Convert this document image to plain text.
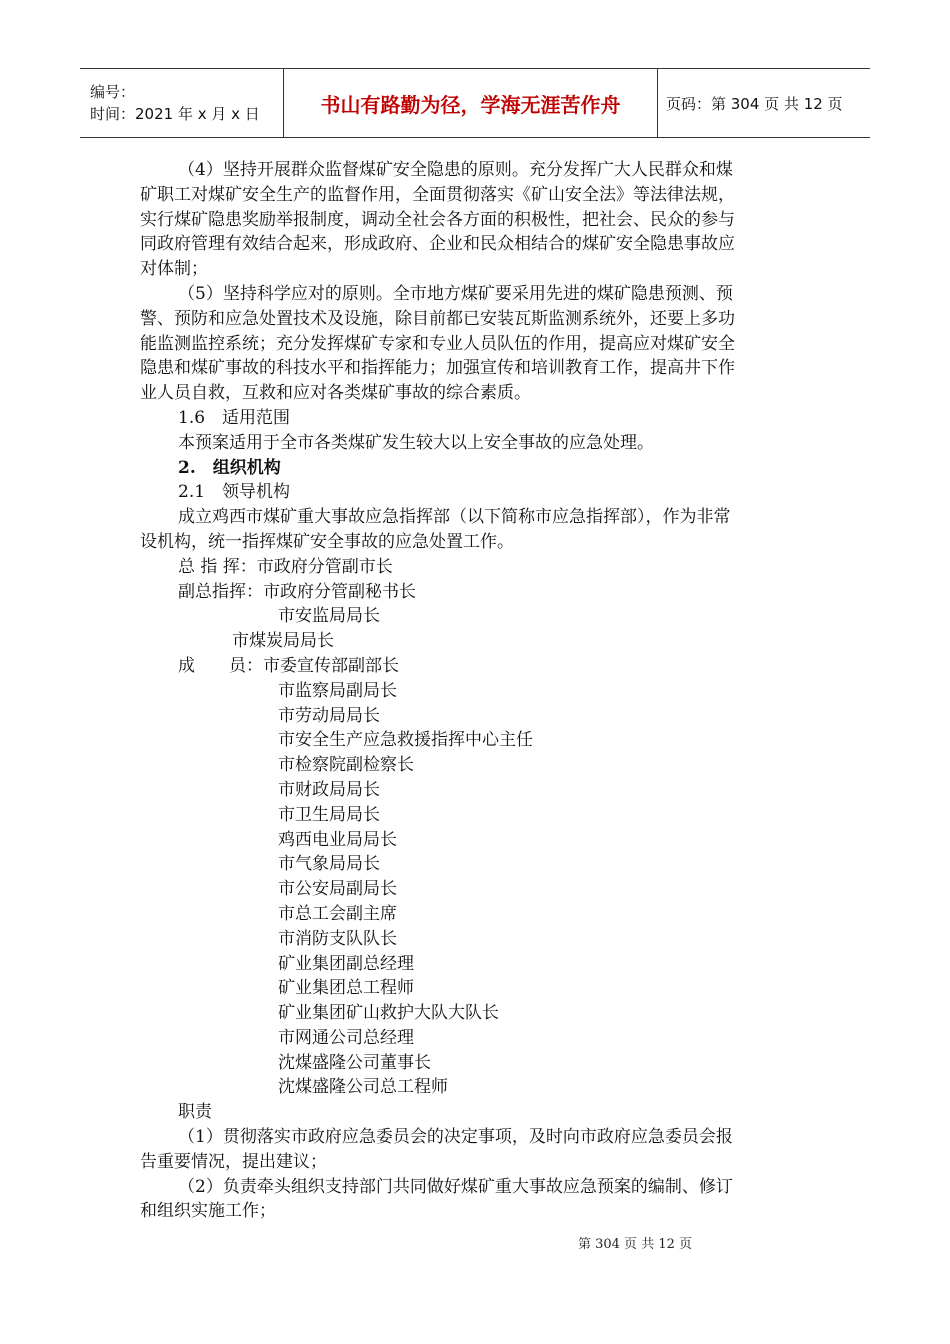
编号：
时间：2021 年 x 月 x 日	书山有路勤为径，学海无涯苦作舟	页码：第 304 页 共 12 页

（4）坚持开展群众监督煤矿安全隐患的原则。充分发挥广大人民群众和煤

矿职工对煤矿安全生产的监督作用，全面贯彻落实《矿山安全法》等法律法规，

实行煤矿隐患奖励举报制度，调动全社会各方面的积极性，把社会、民众的参与

同政府管理有效结合起来，形成政府、企业和民众相结合的煤矿安全隐患事故应

对体制；

（5）坚持科学应对的原则。全市地方煤矿要采用先进的煤矿隐患预测、预

警、预防和应急处置技术及设施，除目前都已安装瓦斯监测系统外，还要上多功

能监测监控系统；充分发挥煤矿专家和专业人员队伍的作用，提高应对煤矿安全

隐患和煤矿事故的科技水平和指挥能力；加强宣传和培训教育工作，提高井下作

业人员自救，互救和应对各类煤矿事故的综合素质。

1.6　适用范围

本预案适用于全市各类煤矿发生较大以上安全事故的应急处理。

2.　组织机构

2.1　领导机构

成立鸡西市煤矿重大事故应急指挥部（以下简称市应急指挥部），作为非常

设机构，统一指挥煤矿安全事故的应急处置工作。

总 指 挥：市政府分管副市长

副总指挥：市政府分管副秘书长

市安监局局长

市煤炭局局长

成　　员：市委宣传部副部长

市监察局副局长

市劳动局局长

市安全生产应急救援指挥中心主任

市检察院副检察长

市财政局局长

市卫生局局长

鸡西电业局局长

市气象局局长

市公安局副局长

市总工会副主席

市消防支队队长

矿业集团副总经理

矿业集团总工程师

矿业集团矿山救护大队大队长

市网通公司总经理

沈煤盛隆公司董事长

沈煤盛隆公司总工程师

职责

（1）贯彻落实市政府应急委员会的决定事项，及时向市政府应急委员会报

告重要情况，提出建议；

（2）负责牵头组织支持部门共同做好煤矿重大事故应急预案的编制、修订

和组织实施工作；

第 304 页 共 12 页
